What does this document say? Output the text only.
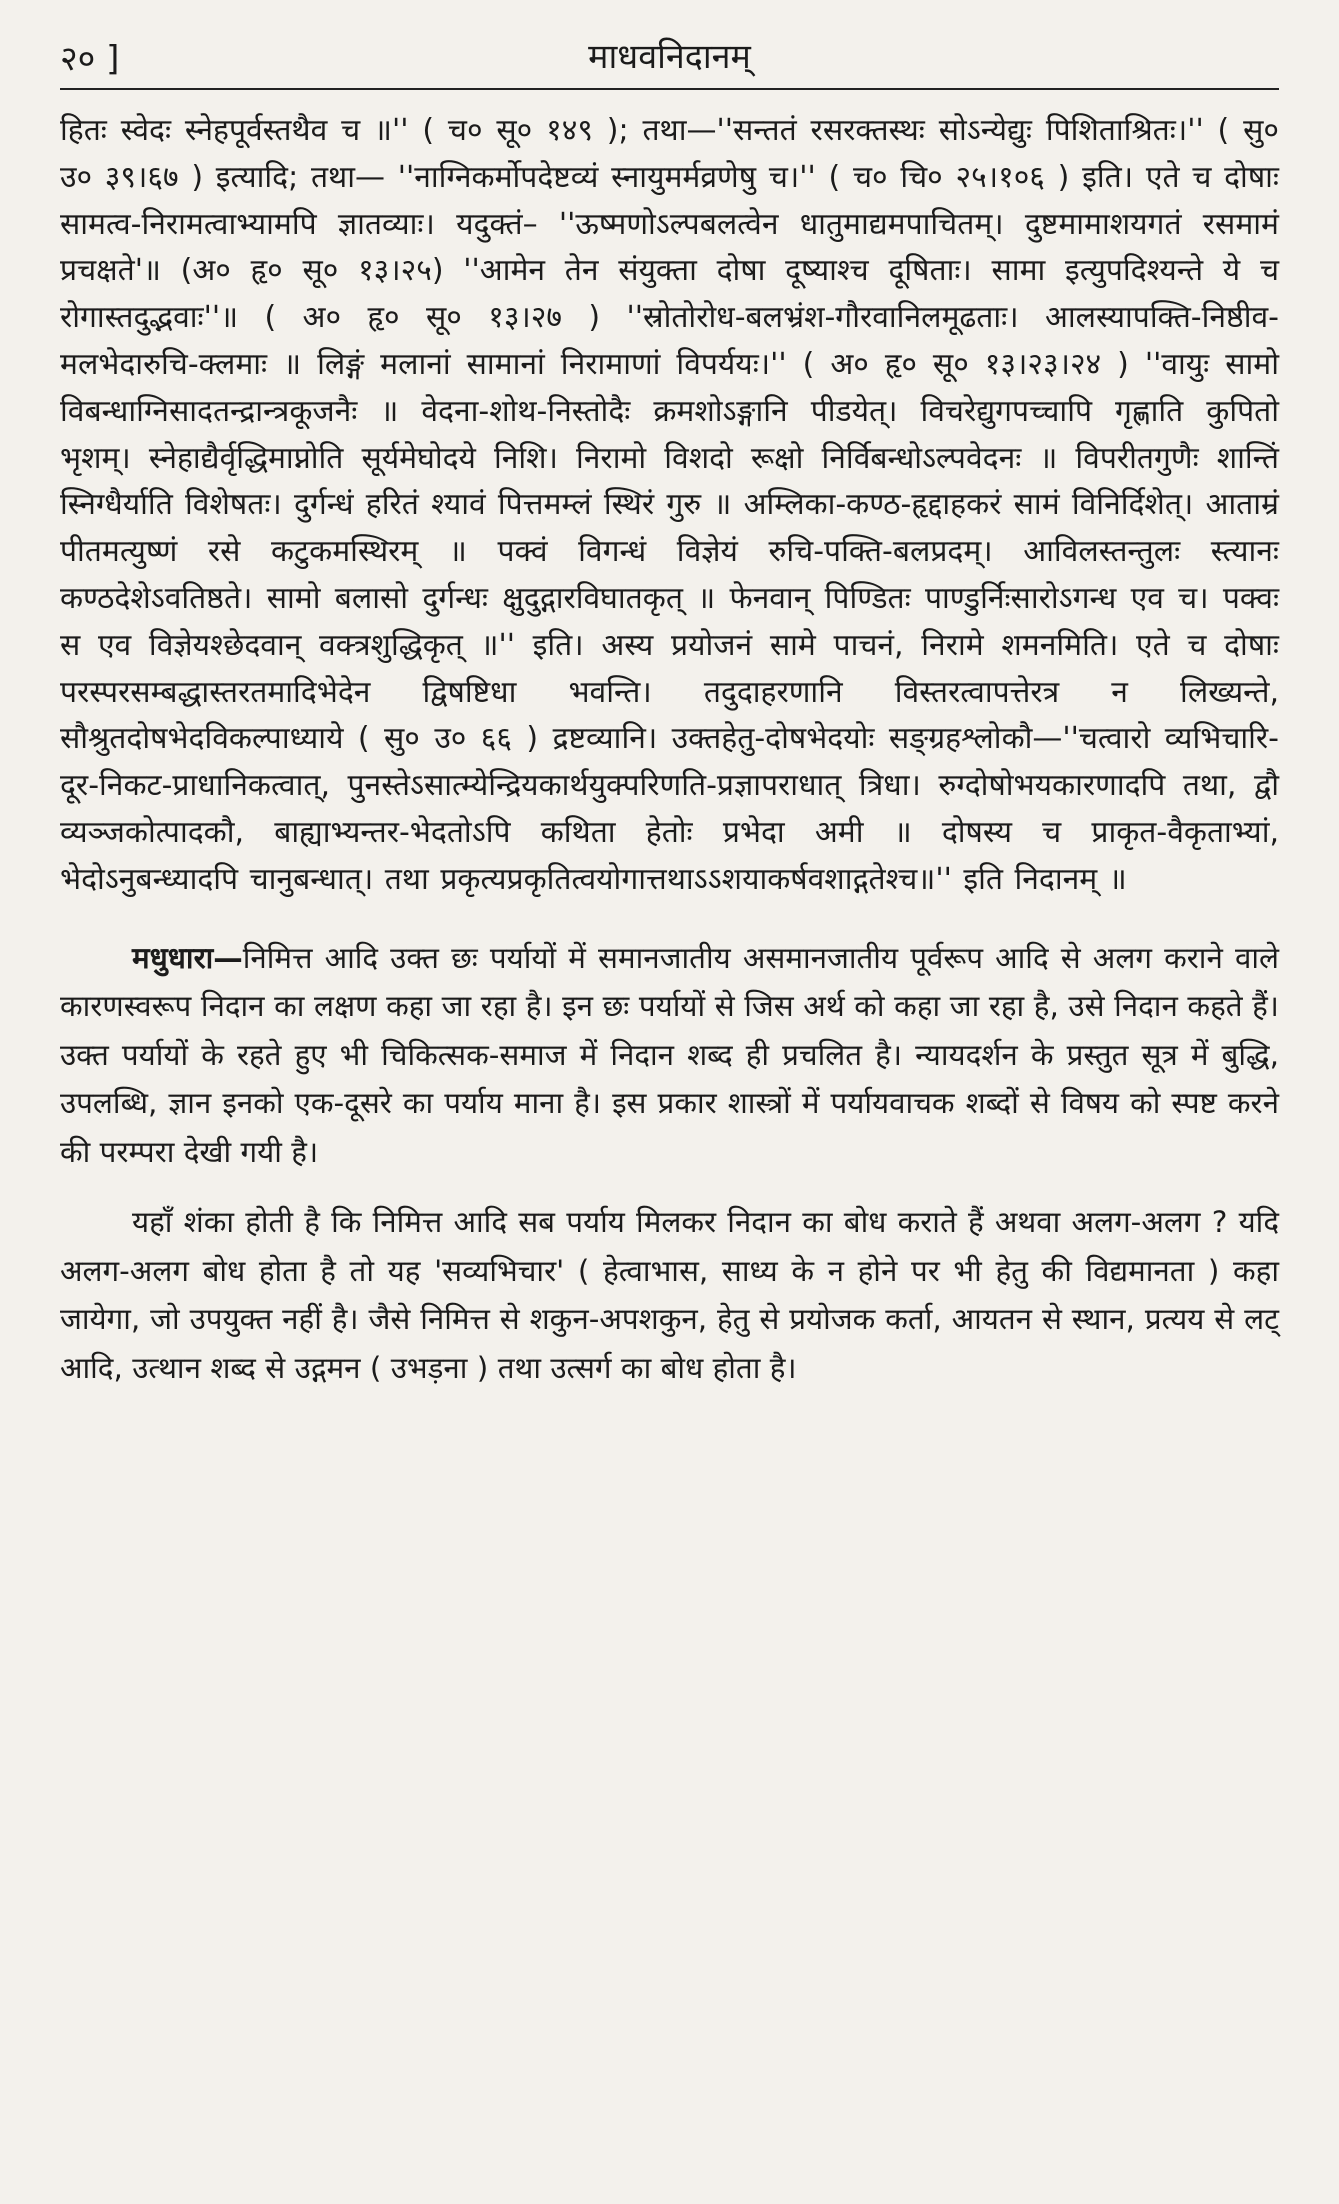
२० ]	माधवनिदानम्

हितः स्वेदः स्नेहपूर्वस्तथैव च ॥'' ( च० सू० १४९ ); तथा—''सन्ततं रसरक्तस्थः सोऽन्येद्युः पिशिताश्रितः।'' ( सु० उ० ३९।६७ ) इत्यादि; तथा— ''नाग्निकर्मोपदेष्टव्यं स्नायुमर्मव्रणेषु च।'' ( च० चि० २५।१०६ ) इति। एते च दोषाः सामत्व-निरामत्वाभ्यामपि ज्ञातव्याः। यदुक्तं– ''ऊष्मणोऽल्पबलत्वेन धातुमाद्यमपाचितम्। दुष्टमामाशयगतं रसमामं प्रचक्षते'॥ (अ० हृ० सू० १३।२५) ''आमेन तेन संयुक्ता दोषा दूष्याश्च दूषिताः। सामा इत्युपदिश्यन्ते ये च रोगास्तदुद्भवाः''॥ ( अ० हृ० सू० १३।२७ ) ''स्रोतोरोध-बलभ्रंश-गौरवानिलमूढताः। आलस्यापक्ति-निष्ठीव-मलभेदारुचि-क्लमाः ॥ लिङ्गं मलानां सामानां निरामाणां विपर्ययः।'' ( अ० हृ० सू० १३।२३।२४ ) ''वायुः सामो विबन्धाग्निसादतन्द्रान्त्रकूजनैः ॥ वेदना-शोथ-निस्तोदैः क्रमशोऽङ्गानि पीडयेत्। विचरेद्युगपच्चापि गृह्णाति कुपितो भृशम्। स्नेहाद्यैर्वृद्धिमाप्नोति सूर्यमेघोदये निशि। निरामो विशदो रूक्षो निर्विबन्धोऽल्पवेदनः ॥ विपरीतगुणैः शान्तिं स्निग्धैर्याति विशेषतः। दुर्गन्धं हरितं श्यावं पित्तमम्लं स्थिरं गुरु ॥ अम्लिका-कण्ठ-हृद्दाहकरं सामं विनिर्दिशेत्। आताम्रं पीतमत्युष्णं रसे कटुकमस्थिरम् ॥ पक्वं विगन्धं विज्ञेयं रुचि-पक्ति-बलप्रदम्। आविलस्तन्तुलः स्त्यानः कण्ठदेशेऽवतिष्ठते। सामो बलासो दुर्गन्धः क्षुदुद्गारविघातकृत् ॥ फेनवान् पिण्डितः पाण्डुर्निःसारोऽगन्ध एव च। पक्वः स एव विज्ञेयश्छेदवान् वक्त्रशुद्धिकृत् ॥'' इति। अस्य प्रयोजनं सामे पाचनं, निरामे शमनमिति। एते च दोषाः परस्परसम्बद्धास्तरतमादिभेदेन द्विषष्टिधा भवन्ति। तदुदाहरणानि विस्तरत्वापत्तेरत्र न लिख्यन्ते, सौश्रुतदोषभेदविकल्पाध्याये ( सु० उ० ६६ ) द्रष्टव्यानि। उक्तहेतु-दोषभेदयोः सङ्ग्रहश्लोकौ—''चत्वारो व्यभिचारि-दूर-निकट-प्राधानिकत्वात्, पुनस्तेऽसात्म्येन्द्रियकार्थयुक्परिणति-प्रज्ञापराधात् त्रिधा। रुग्दोषोभयकारणादपि तथा, द्वौ व्यञ्जकोत्पादकौ, बाह्याभ्यन्तर-भेदतोऽपि कथिता हेतोः प्रभेदा अमी ॥ दोषस्य च प्राकृत-वैकृताभ्यां, भेदोऽनुबन्ध्यादपि चानुबन्धात्। तथा प्रकृत्यप्रकृतित्वयोगात्तथाऽऽशयाकर्षवशाद्गतेश्च॥'' इति निदानम् ॥

मधुधारा—निमित्त आदि उक्त छः पर्यायों में समानजातीय असमानजातीय पूर्वरूप आदि से अलग कराने वाले कारणस्वरूप निदान का लक्षण कहा जा रहा है। इन छः पर्यायों से जिस अर्थ को कहा जा रहा है, उसे निदान कहते हैं। उक्त पर्यायों के रहते हुए भी चिकित्सक-समाज में निदान शब्द ही प्रचलित है। न्यायदर्शन के प्रस्तुत सूत्र में बुद्धि, उपलब्धि, ज्ञान इनको एक-दूसरे का पर्याय माना है। इस प्रकार शास्त्रों में पर्यायवाचक शब्दों से विषय को स्पष्ट करने की परम्परा देखी गयी है।

यहाँ शंका होती है कि निमित्त आदि सब पर्याय मिलकर निदान का बोध कराते हैं अथवा अलग-अलग ? यदि अलग-अलग बोध होता है तो यह 'सव्यभिचार' ( हेत्वाभास, साध्य के न होने पर भी हेतु की विद्यमानता ) कहा जायेगा, जो उपयुक्त नहीं है। जैसे निमित्त से शकुन-अपशकुन, हेतु से प्रयोजक कर्ता, आयतन से स्थान, प्रत्यय से लट् आदि, उत्थान शब्द से उद्गमन ( उभड़ना ) तथा उत्सर्ग का बोध होता है।
